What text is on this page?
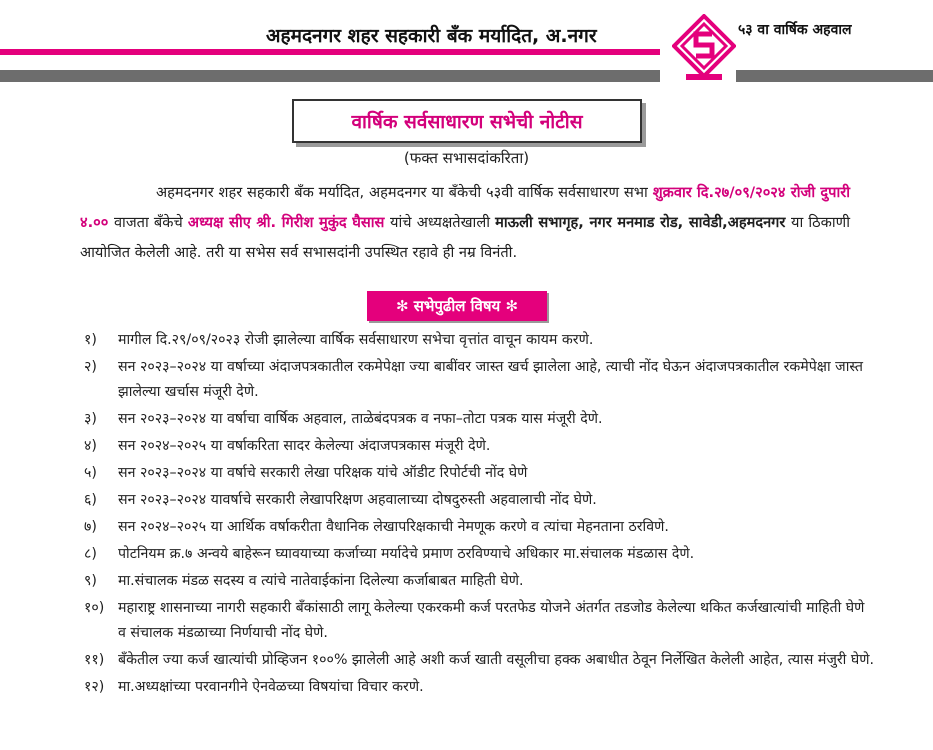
अहमदनगर शहर सहकारी बँक मर्यादित, अ.नगर	५३ वा वार्षिक अहवाल
वार्षिक सर्वसाधारण सभेची नोटीस
(फक्त सभासदांकरिता)
अहमदनगर शहर सहकारी बँक मर्यादित, अहमदनगर या बँकेची ५३वी वार्षिक सर्वसाधारण सभा शुक्रवार दि.२७/०९/२०२४ रोजी दुपारी ४.०० वाजता बँकेचे अध्यक्ष सीए श्री. गिरीश मुकुंद घैसास यांचे अध्यक्षतेखाली माऊली सभागृह, नगर मनमाड रोड, सावेडी,अहमदनगर या ठिकाणी आयोजित केलेली आहे. तरी या सभेस सर्व सभासदांनी उपस्थित रहावे ही नम्र विनंती.
✻ सभेपुढील विषय ✻
१)	मागील दि.२९/०९/२०२३ रोजी झालेल्या वार्षिक सर्वसाधारण सभेचा वृत्तांत वाचून कायम करणे.
२)	सन २०२३–२०२४ या वर्षाच्या अंदाजपत्रकातील रकमेपेक्षा ज्या बाबींवर जास्त खर्च झालेला आहे, त्याची नोंद घेऊन अंदाजपत्रकातील रकमेपेक्षा जास्त झालेल्या खर्चास मंजूरी देणे.
३)	सन २०२३–२०२४ या वर्षाचा वार्षिक अहवाल, ताळेबंदपत्रक व नफा–तोटा पत्रक यास मंजूरी देणे.
४)	सन २०२४–२०२५ या वर्षाकरिता सादर केलेल्या अंदाजपत्रकास मंजूरी देणे.
५)	सन २०२३–२०२४ या वर्षाचे सरकारी लेखा परिक्षक यांचे ऑडीट रिपोर्टची नोंद घेणे
६)	सन २०२३–२०२४ यावर्षाचे सरकारी लेखापरिक्षण अहवालाच्या दोषदुरुस्ती अहवालाची नोंद घेणे.
७)	सन २०२४–२०२५ या आर्थिक वर्षाकरीता वैधानिक लेखापरिक्षकाची नेमणूक करणे व त्यांचा मेहनताना ठरविणे.
८)	पोटनियम क्र.७ अन्वये बाहेरून घ्यावयाच्या कर्जाच्या मर्यादेचे प्रमाण ठरविण्याचे अधिकार मा.संचालक मंडळास देणे.
९)	मा.संचालक मंडळ सदस्य व त्यांचे नातेवाईकांना दिलेल्या कर्जाबाबत माहिती घेणे.
१०) महाराष्ट्र शासनाच्या नागरी सहकारी बँकांसाठी लागू केलेल्या एकरकमी कर्ज परतफेड योजने अंतर्गत तडजोड केलेल्या थकित कर्जखात्यांची माहिती घेणे व संचालक मंडळाच्या निर्णयाची नोंद घेणे.
११) बँकेतील ज्या कर्ज खात्यांची प्रोव्हिजन १००% झालेली आहे अशी कर्ज खाती वसूलीचा हक्क अबाधीत ठेवून निर्लेखित केलेली आहेत, त्यास मंजुरी घेणे.
१२) मा.अध्यक्षांच्या परवानगीने ऐनवेळच्या विषयांचा विचार करणे.
